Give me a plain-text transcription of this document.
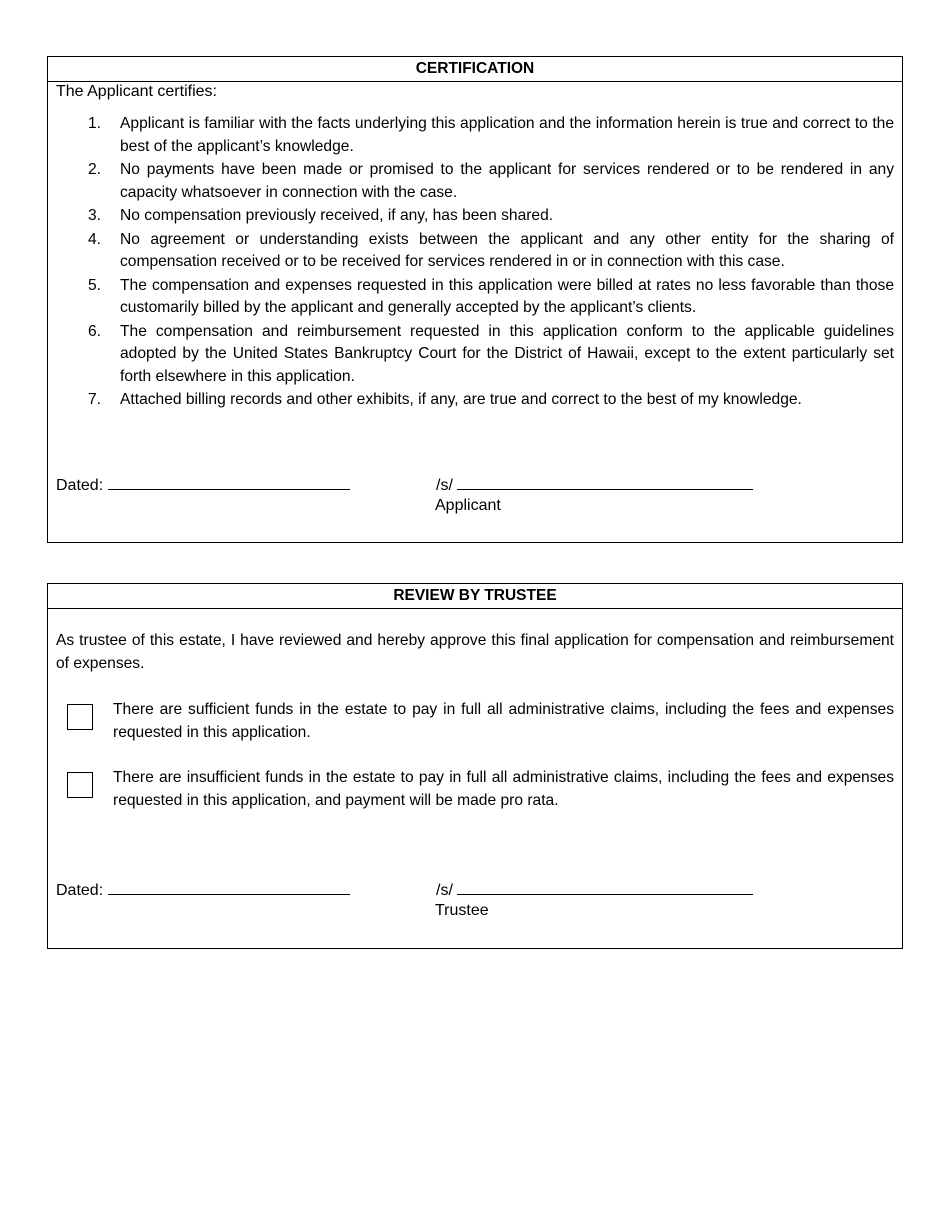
CERTIFICATION
The Applicant certifies:
1.	Applicant is familiar with the facts underlying this application and the information herein is true and correct to the best of the applicant’s knowledge.
2.	No payments have been made or promised to the applicant for services rendered or to be rendered in any capacity whatsoever in connection with the case.
3.	No compensation previously received, if any, has been shared.
4.	No agreement or understanding exists between the applicant and any other entity for the sharing of compensation received or to be received for services rendered in or in connection with this case.
5.	The compensation and expenses requested in this application were billed at rates no less favorable than those customarily billed by the applicant and generally accepted by the applicant’s clients.
6.	The compensation and reimbursement requested in this application conform to the applicable guidelines adopted by the United States Bankruptcy Court for the District of Hawaii, except to the extent particularly set forth elsewhere in this application.
7.	Attached billing records and other exhibits, if any, are true and correct to the best of my knowledge.
Dated:	/s/
Applicant
REVIEW BY TRUSTEE
As trustee of this estate, I have reviewed and hereby approve this final application for compensation and reimbursement of expenses.
There are sufficient funds in the estate to pay in full all administrative claims, including the fees and expenses requested in this application.
There are insufficient funds in the estate to pay in full all administrative claims, including the fees and expenses requested in this application, and payment will be made pro rata.
Dated:	/s/
Trustee
